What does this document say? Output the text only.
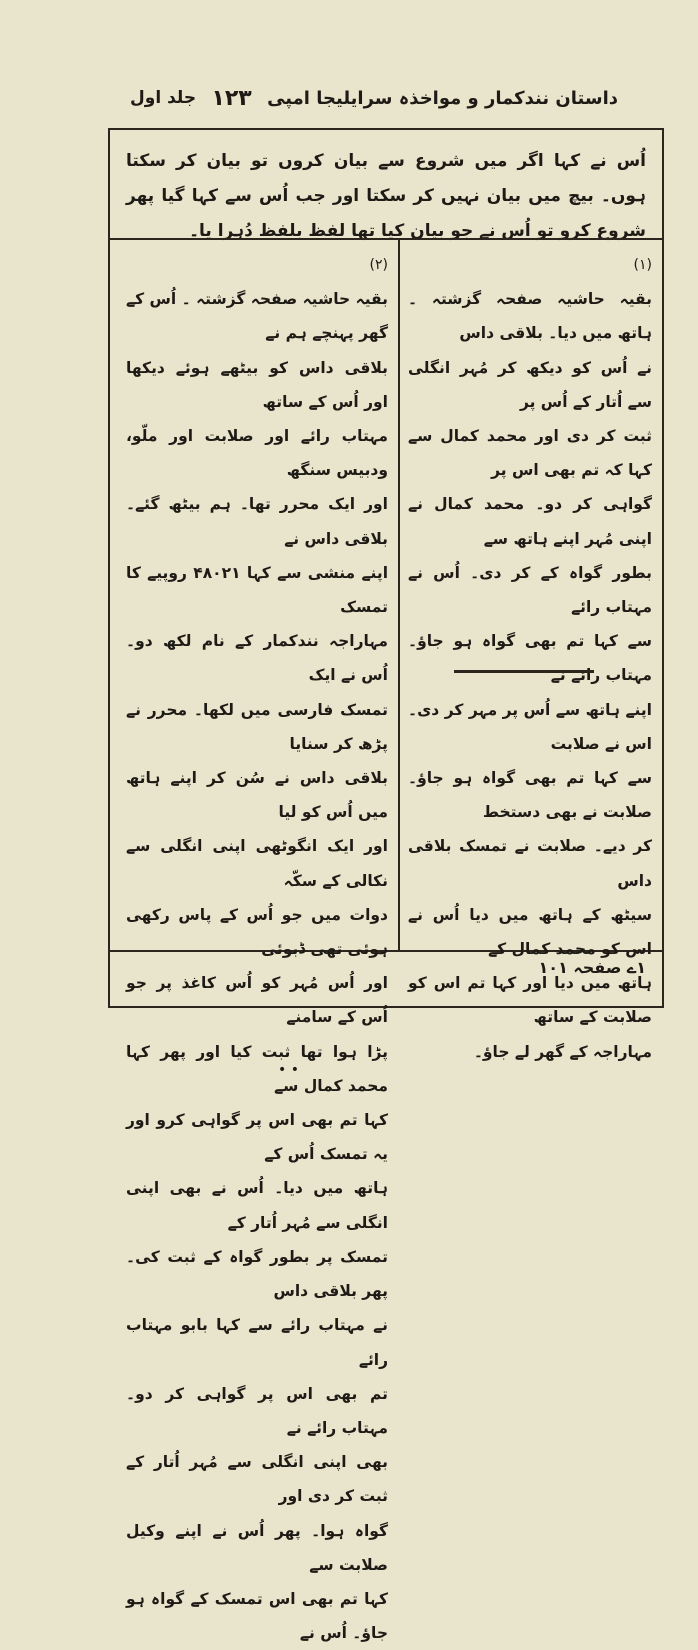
داستان نندکمار و مواخذہ سرایلیجا امپی
۱۲۳
جلد اول
اُس نے کہا اگر میں شروع سے بیان کروں تو بیان کر سکتا ہوں۔ بیچ میں بیان نہیں کر سکتا اور جب اُس سے کہا گیا پھر شروع کرو تو اُس نے جو بیان کیا تھا لفظ بلفظ دُہرا یا۔
(۱)
بقیہ حاشیہ صفحہ گزشتہ ۔ ہاتھ میں دیا۔ بلاقی داس
نے اُس کو دیکھ کر مُہر انگلی سے اُتار کے اُس پر
ثبت کر دی اور محمد کمال سے کہا کہ تم بھی اس پر
گواہی کر دو۔ محمد کمال نے اپنی مُہر اپنے ہاتھ سے
بطور گواہ کے کر دی۔ اُس نے مہتاب رائے
سے کہا تم بھی گواہ ہو جاؤ۔ مہتاب رائے نے
اپنے ہاتھ سے اُس پر مہر کر دی۔ اس نے صلابت
سے کہا تم بھی گواہ ہو جاؤ۔ صلابت نے بھی دستخط
کر دیے۔ صلابت نے تمسک بلاقی داس
سیٹھ کے ہاتھ میں دیا اُس نے اس کو محمد کمال کے
ہاتھ میں دیا اور کہا تم اس کو صلابت کے ساتھ
مہاراجہ کے گھر لے جاؤ۔
(۲)
بقیہ حاشیہ صفحہ گزشتہ ۔ اُس کے گھر پہنچے ہم نے
بلاقی داس کو بیٹھے ہوئے دیکھا اور اُس کے ساتھ
مہتاب رائے اور صلابت اور ملّو، ودبیس سنگھ
اور ایک محرر تھا۔ ہم بیٹھ گئے۔ بلاقی داس نے
اپنے منشی سے کہا ۴۸۰۲۱ روپیے کا تمسک
مہاراجہ نندکمار کے نام لکھ دو۔ اُس نے ایک
تمسک فارسی میں لکھا۔ محرر نے پڑھ کر سنایا
بلاقی داس نے سُن کر اپنے ہاتھ میں اُس کو لیا
اور ایک انگوٹھی اپنی انگلی سے نکالی کے سکّہ
دوات میں جو اُس کے پاس رکھی ہوئی تھی ڈبوئی
اور اُس مُہر کو اُس کاغذ پر جو اُس کے سامنے
پڑا ہوا تھا ثبت کیا اور پھر کہا محمد کمال سے
کہا تم بھی اس پر گواہی کرو اور یہ تمسک اُس کے
ہاتھ میں دیا۔ اُس نے بھی اپنی انگلی سے مُہر اُتار کے
تمسک پر بطور گواہ کے ثبت کی۔ پھر بلاقی داس
نے مہتاب رائے سے کہا بابو مہتاب رائے
تم بھی اس پر گواہی کر دو۔ مہتاب رائے نے
بھی اپنی انگلی سے مُہر اُتار کے ثبت کر دی اور
گواہ ہوا۔ پھر اُس نے اپنے وکیل صلابت سے
کہا تم بھی اس تمسک کے گواہ ہو جاؤ۔ اُس نے
۱ے صفحہ ۱۰۱
• •
